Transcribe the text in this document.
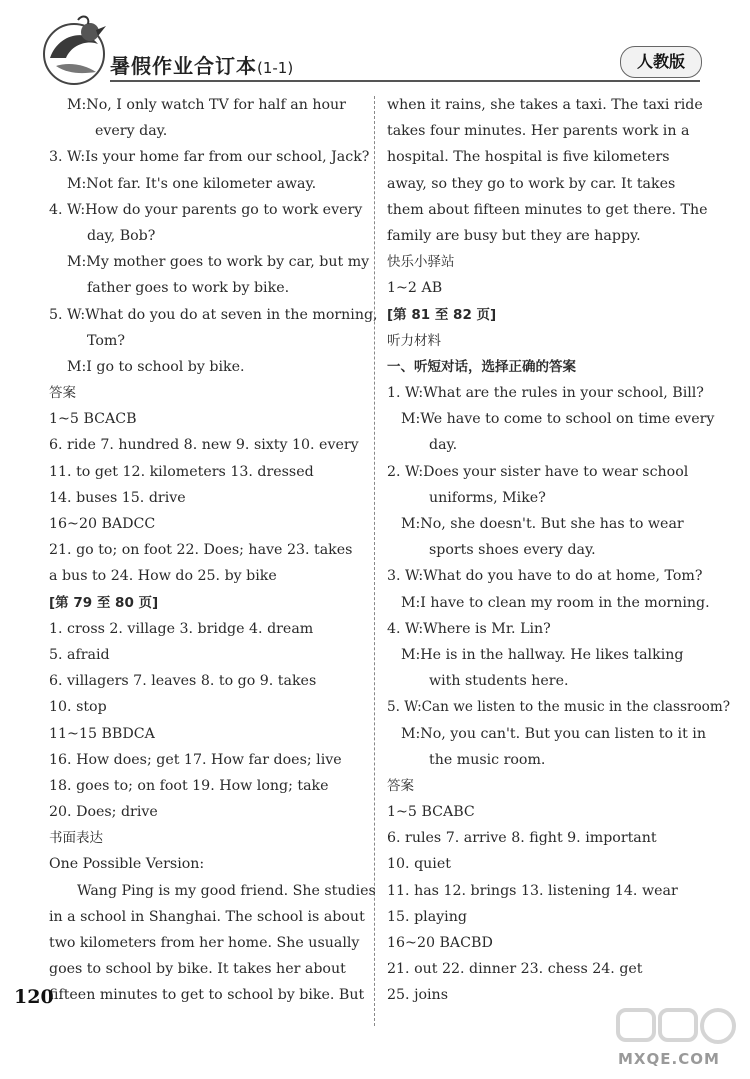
暑假作业合订本(1-1)	人教版
M:No, I only watch TV for half an hour
every day.
3. W:Is your home far from our school, Jack?
M:Not far. It's one kilometer away.
4. W:How do your parents go to work every
day, Bob?
M:My mother goes to work by car, but my
father goes to work by bike.
5. W:What do you do at seven in the morning,
Tom?
M:I go to school by bike.
答案
1~5 BCACB
6. ride 7. hundred 8. new 9. sixty 10. every
11. to get 12. kilometers 13. dressed
14. buses 15. drive
16~20 BADCC
21. go to; on foot 22. Does; have 23. takes
a bus to 24. How do 25. by bike
[第 79 至 80 页]
1. cross 2. village 3. bridge 4. dream
5. afraid
6. villagers 7. leaves 8. to go 9. takes
10. stop
11~15 BBDCA
16. How does; get 17. How far does; live
18. goes to; on foot 19. How long; take
20. Does; drive
书面表达
One Possible Version:
Wang Ping is my good friend. She studies
in a school in Shanghai. The school is about
two kilometers from her home. She usually
goes to school by bike. It takes her about
fifteen minutes to get to school by bike. But
when it rains, she takes a taxi. The taxi ride
takes four minutes. Her parents work in a
hospital. The hospital is five kilometers
away, so they go to work by car. It takes
them about fifteen minutes to get there. The
family are busy but they are happy.
快乐小驿站
1~2 AB
[第 81 至 82 页]
听力材料
一、听短对话，选择正确的答案
1. W:What are the rules in your school, Bill?
M:We have to come to school on time every
day.
2. W:Does your sister have to wear school
uniforms, Mike?
M:No, she doesn't. But she has to wear
sports shoes every day.
3. W:What do you have to do at home, Tom?
M:I have to clean my room in the morning.
4. W:Where is Mr. Lin?
M:He is in the hallway. He likes talking
with students here.
5. W:Can we listen to the music in the classroom?
M:No, you can't. But you can listen to it in
the music room.
答案
1~5 BCABC
6. rules 7. arrive 8. fight 9. important
10. quiet
11. has 12. brings 13. listening 14. wear
15. playing
16~20 BACBD
21. out 22. dinner 23. chess 24. get
25. joins
120
MXQE.COM
